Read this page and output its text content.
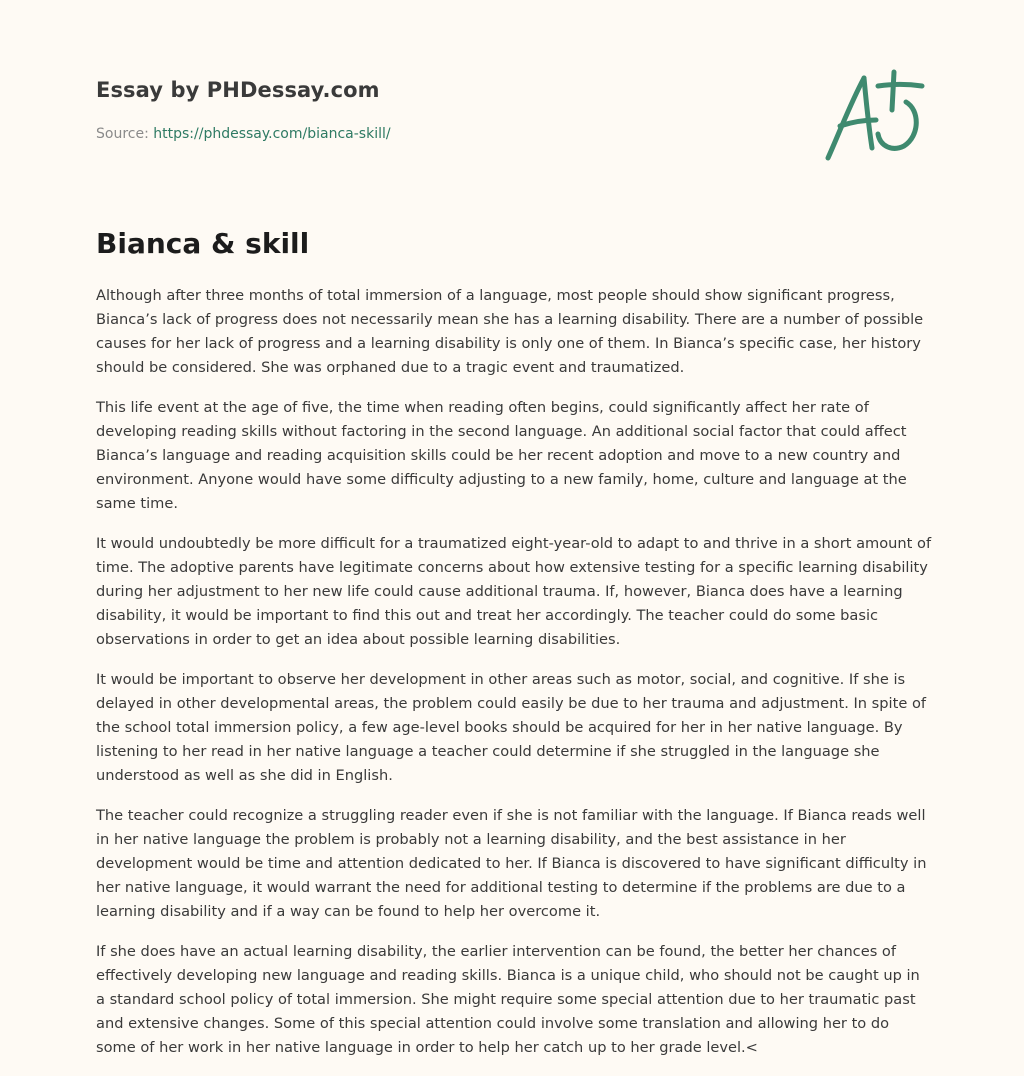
Essay by PHDessay.com

Source: https://phdessay.com/bianca-skill/
Bianca & skill

Although after three months of total immersion of a language, most people should show significant progress, Bianca’s lack of progress does not necessarily mean she has a learning disability. There are a number of possible causes for her lack of progress and a learning disability is only one of them. In Bianca’s specific case, her history should be considered. She was orphaned due to a tragic event and traumatized.

This life event at the age of five, the time when reading often begins, could significantly affect her rate of developing reading skills without factoring in the second language. An additional social factor that could affect Bianca’s language and reading acquisition skills could be her recent adoption and move to a new country and environment. Anyone would have some difficulty adjusting to a new family, home, culture and language at the same time.

It would undoubtedly be more difficult for a traumatized eight-year-old to adapt to and thrive in a short amount of time. The adoptive parents have legitimate concerns about how extensive testing for a specific learning disability during her adjustment to her new life could cause additional trauma. If, however, Bianca does have a learning disability, it would be important to find this out and treat her accordingly. The teacher could do some basic observations in order to get an idea about possible learning disabilities.

It would be important to observe her development in other areas such as motor, social, and cognitive. If she is delayed in other developmental areas, the problem could easily be due to her trauma and adjustment. In spite of the school total immersion policy, a few age-level books should be acquired for her in her native language. By listening to her read in her native language a teacher could determine if she struggled in the language she understood as well as she did in English.

The teacher could recognize a struggling reader even if she is not familiar with the language. If Bianca reads well in her native language the problem is probably not a learning disability, and the best assistance in her development would be time and attention dedicated to her. If Bianca is discovered to have significant difficulty in her native language, it would warrant the need for additional testing to determine if the problems are due to a learning disability and if a way can be found to help her overcome it.

If she does have an actual learning disability, the earlier intervention can be found, the better her chances of effectively developing new language and reading skills. Bianca is a unique child, who should not be caught up in a standard school policy of total immersion. She might require some special attention due to her traumatic past and extensive changes. Some of this special attention could involve some translation and allowing her to do some of her work in her native language in order to help her catch up to her grade level.<
